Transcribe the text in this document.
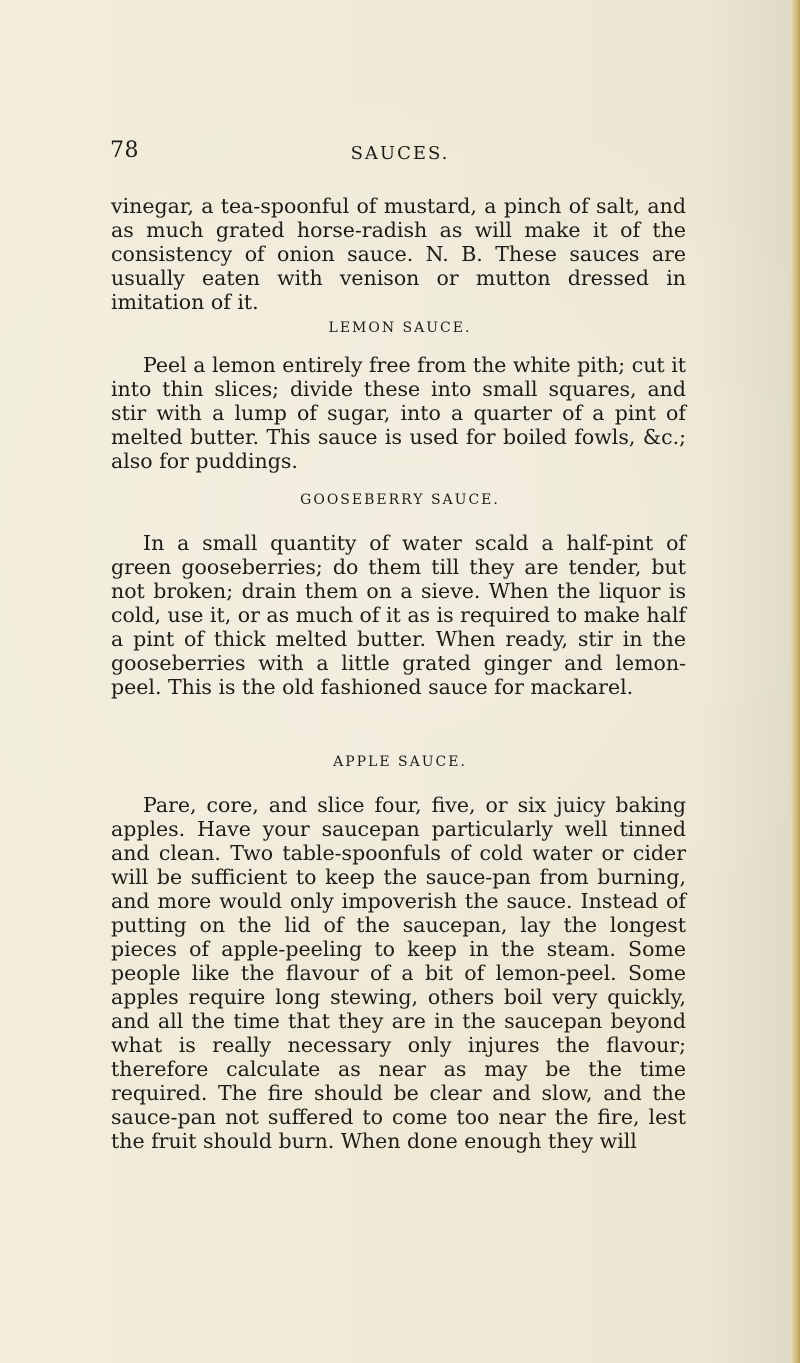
78	SAUCES.

vinegar, a tea-spoonful of mustard, a pinch of salt, and as much grated horse-radish as will make it of the consistency of onion sauce. N. B. These sauces are usually eaten with venison or mutton dressed in imitation of it.

LEMON SAUCE.

Peel a lemon entirely free from the white pith; cut it into thin slices; divide these into small squares, and stir with a lump of sugar, into a quarter of a pint of melted butter. This sauce is used for boiled fowls, &c.; also for puddings.

GOOSEBERRY SAUCE.

In a small quantity of water scald a half-pint of green gooseberries; do them till they are tender, but not broken; drain them on a sieve. When the liquor is cold, use it, or as much of it as is required to make half a pint of thick melted butter. When ready, stir in the gooseberries with a little grated ginger and lemon-peel. This is the old fashioned sauce for mackarel.

APPLE SAUCE.

Pare, core, and slice four, five, or six juicy baking apples. Have your saucepan particularly well tinned and clean. Two table-spoonfuls of cold water or cider will be sufficient to keep the sauce-pan from burning, and more would only impoverish the sauce. Instead of putting on the lid of the saucepan, lay the longest pieces of apple-peeling to keep in the steam. Some people like the flavour of a bit of lemon-peel. Some apples require long stewing, others boil very quickly, and all the time that they are in the saucepan beyond what is really necessary only injures the flavour; therefore calculate as near as may be the time required. The fire should be clear and slow, and the sauce-pan not suffered to come too near the fire, lest the fruit should burn. When done enough they will
